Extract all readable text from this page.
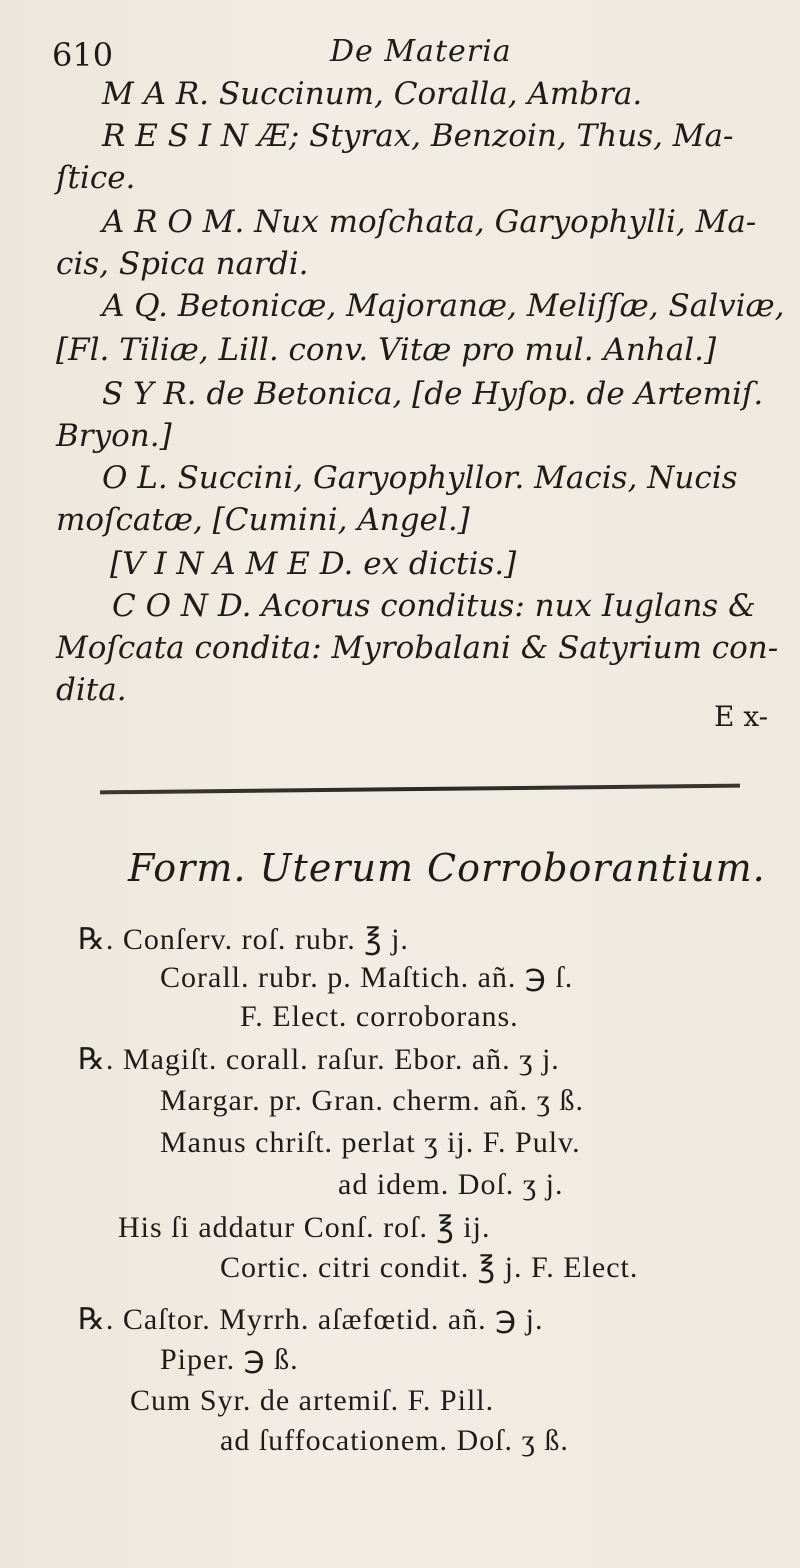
610	De Materia
M A R. Succinum, Coralla, Ambra.
R E S I N Æ; Styrax, Benzoin, Thus, Ma-
ſtice.
A R O M. Nux moſchata, Garyophylli, Ma-
cis, Spica nardi.
A Q. Betonicæ, Majoranæ, Meliſſæ, Salviæ,
[Fl. Tiliæ, Lill. conv. Vitæ pro mul. Anhal.]
S Y R. de Betonica, [de Hyſop. de Artemiſ.
Bryon.]
O L. Succini, Garyophyllor. Macis, Nucis
moſcatæ, [Cumini, Angel.]
[V I N A M E D. ex dictis.]
C O N D. Acorus conditus: nux Iuglans &
Moſcata condita: Myrobalani & Satyrium con-
dita.
E x-
Form. Uterum Corroborantium.
℞. Conſerv. roſ. rubr. ℥ j.
Corall. rubr. p. Maſtich. añ. ℈ ſ.
F. Elect. corroborans.
℞. Magiſt. corall. raſur. Ebor. añ. ʒ j.
Margar. pr. Gran. cherm. añ. ʒ ß.
Manus chriſt. perlat ʒ ij. F. Pulv.
ad idem. Doſ. ʒ j.
His ſi addatur Conſ. roſ. ℥ ij.
Cortic. citri condit. ℥ j. F. Elect.
℞. Caſtor. Myrrh. aſæfœtid. añ. ℈ j.
Piper. ℈ ß.
Cum Syr. de artemiſ. F. Pill.
ad ſuffocationem. Doſ. ʒ ß.
